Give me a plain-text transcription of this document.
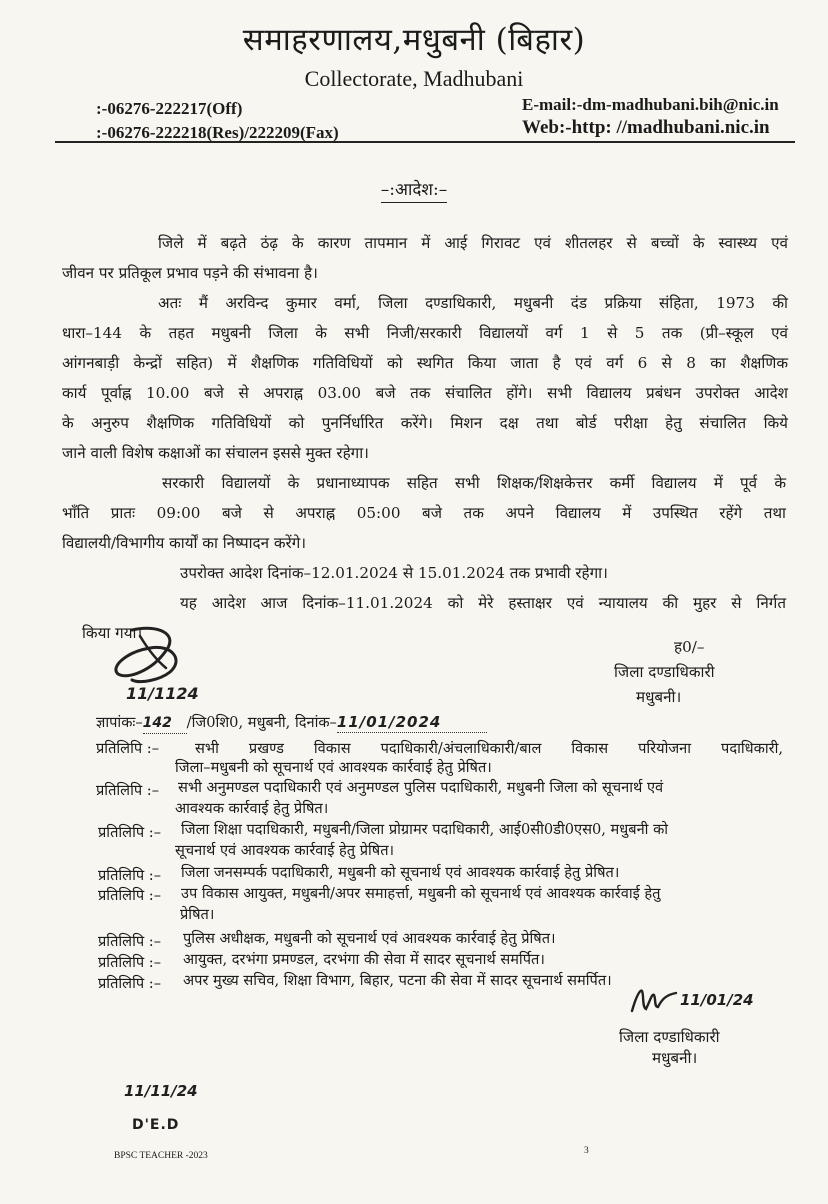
समाहरणालय,मधुबनी (बिहार)
Collectorate, Madhubani
:-06276-222217(Off)
:-06276-222218(Res)/222209(Fax)
E-mail:-dm-madhubani.bih@nic.in
Web:-http: //madhubani.nic.in
–:आदेश:–
जिले में बढ़ते ठंढ़ के कारण तापमान में आई गिरावट एवं शीतलहर से बच्चों के स्वास्थ्य एवं
जीवन पर प्रतिकूल प्रभाव पड़ने की संभावना है।
अतः मैं अरविन्द कुमार वर्मा, जिला दण्डाधिकारी, मधुबनी दंड प्रक्रिया संहिता, 1973 की
धारा–144 के तहत मधुबनी जिला के सभी निजी/सरकारी विद्यालयों वर्ग 1 से 5 तक (प्री–स्कूल एवं
आंगनबाड़ी केन्द्रों सहित) में शैक्षणिक गतिविधियों को स्थगित किया जाता है एवं वर्ग 6 से 8 का शैक्षणिक
कार्य पूर्वाह्न 10.00 बजे से अपराह्न 03.00 बजे तक संचालित होंगे। सभी विद्यालय प्रबंधन उपरोक्त आदेश
के अनुरुप शैक्षणिक गतिविधियों को पुनर्निर्धारित करेंगे। मिशन दक्ष तथा बोर्ड परीक्षा हेतु संचालित किये
जाने वाली विशेष कक्षाओं का संचालन इससे मुक्त रहेगा।
सरकारी विद्यालयों के प्रधानाध्यापक सहित सभी शिक्षक/शिक्षकेत्तर कर्मी विद्यालय में पूर्व के
भाँति प्रातः 09:00 बजे से अपराह्न 05:00 बजे तक अपने विद्यालय में उपस्थित रहेंगे तथा
विद्यालयी/विभागीय कार्यों का निष्पादन करेंगे।
उपरोक्त आदेश दिनांक–12.01.2024 से 15.01.2024 तक प्रभावी रहेगा।
यह आदेश आज दिनांक–11.01.2024 को मेरे हस्ताक्षर एवं न्यायालय की मुहर से निर्गत
किया गया।
ह0/–
जिला दण्डाधिकारी
मधुबनी।
11/1124
ज्ञापांकः–142 /जि0शि0, मधुबनी, दिनांक–11/01/2024
प्रतिलिपि :– सभी प्रखण्ड विकास पदाधिकारी/अंचलाधिकारी/बाल विकास परियोजना पदाधिकारी,
जिला–मधुबनी को सूचनार्थ एवं आवश्यक कार्रवाई हेतु प्रेषित।
प्रतिलिपि :– सभी अनुमण्डल पदाधिकारी एवं अनुमण्डल पुलिस पदाधिकारी, मधुबनी जिला को सूचनार्थ एवं
आवश्यक कार्रवाई हेतु प्रेषित।
प्रतिलिपि :– जिला शिक्षा पदाधिकारी, मधुबनी/जिला प्रोग्रामर पदाधिकारी, आई0सी0डी0एस0, मधुबनी को
सूचनार्थ एवं आवश्यक कार्रवाई हेतु प्रेषित।
प्रतिलिपि :– जिला जनसम्पर्क पदाधिकारी, मधुबनी को सूचनार्थ एवं आवश्यक कार्रवाई हेतु प्रेषित।
प्रतिलिपि :– उप विकास आयुक्त, मधुबनी/अपर समाहर्त्ता, मधुबनी को सूचनार्थ एवं आवश्यक कार्रवाई हेतु
प्रेषित।
प्रतिलिपि :– पुलिस अधीक्षक, मधुबनी को सूचनार्थ एवं आवश्यक कार्रवाई हेतु प्रेषित।
प्रतिलिपि :– आयुक्त, दरभंगा प्रमण्डल, दरभंगा की सेवा में सादर सूचनार्थ समर्पित।
प्रतिलिपि :– अपर मुख्य सचिव, शिक्षा विभाग, बिहार, पटना की सेवा में सादर सूचनार्थ समर्पित।
11/01/24
जिला दण्डाधिकारी
मधुबनी।
11/11/24
D'E.D
BPSC TEACHER -2023	3
